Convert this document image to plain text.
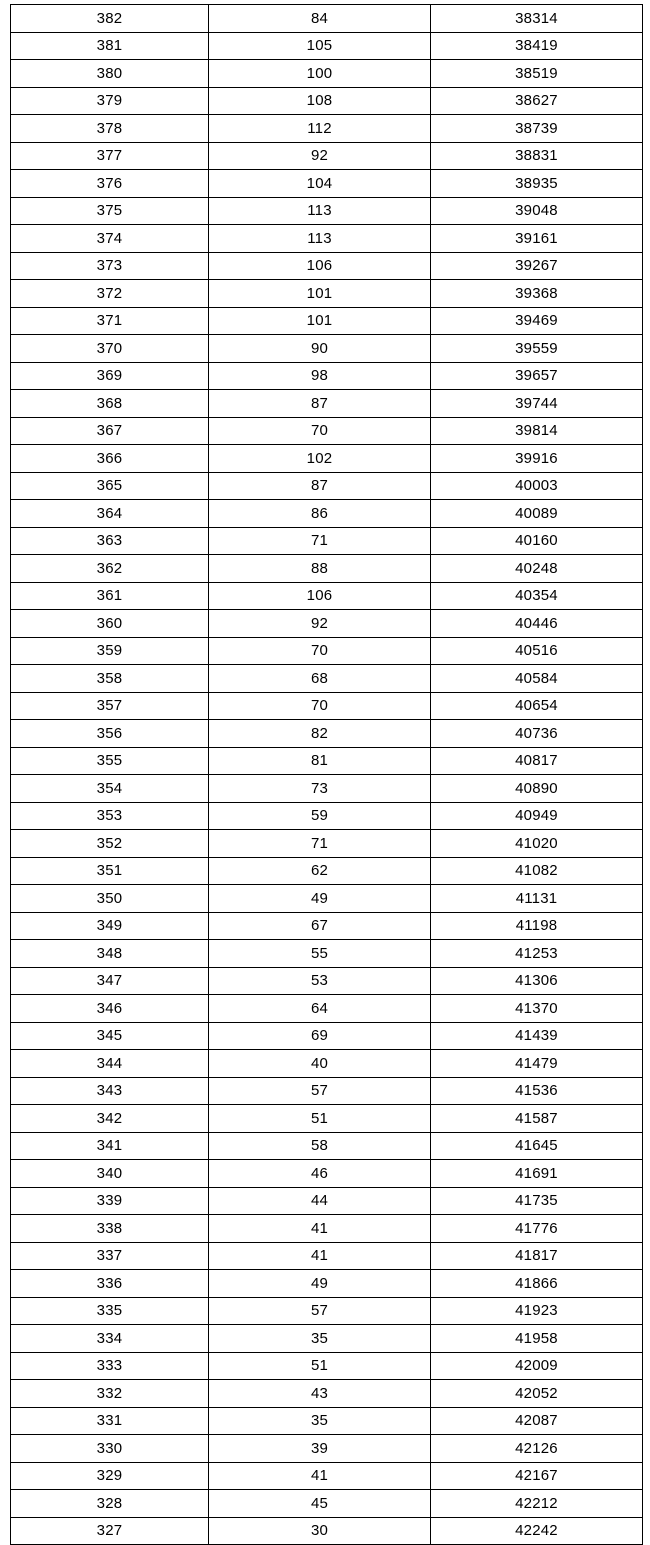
382	84	38314
381	105	38419
380	100	38519
379	108	38627
378	112	38739
377	92	38831
376	104	38935
375	113	39048
374	113	39161
373	106	39267
372	101	39368
371	101	39469
370	90	39559
369	98	39657
368	87	39744
367	70	39814
366	102	39916
365	87	40003
364	86	40089
363	71	40160
362	88	40248
361	106	40354
360	92	40446
359	70	40516
358	68	40584
357	70	40654
356	82	40736
355	81	40817
354	73	40890
353	59	40949
352	71	41020
351	62	41082
350	49	41131
349	67	41198
348	55	41253
347	53	41306
346	64	41370
345	69	41439
344	40	41479
343	57	41536
342	51	41587
341	58	41645
340	46	41691
339	44	41735
338	41	41776
337	41	41817
336	49	41866
335	57	41923
334	35	41958
333	51	42009
332	43	42052
331	35	42087
330	39	42126
329	41	42167
328	45	42212
327	30	42242
